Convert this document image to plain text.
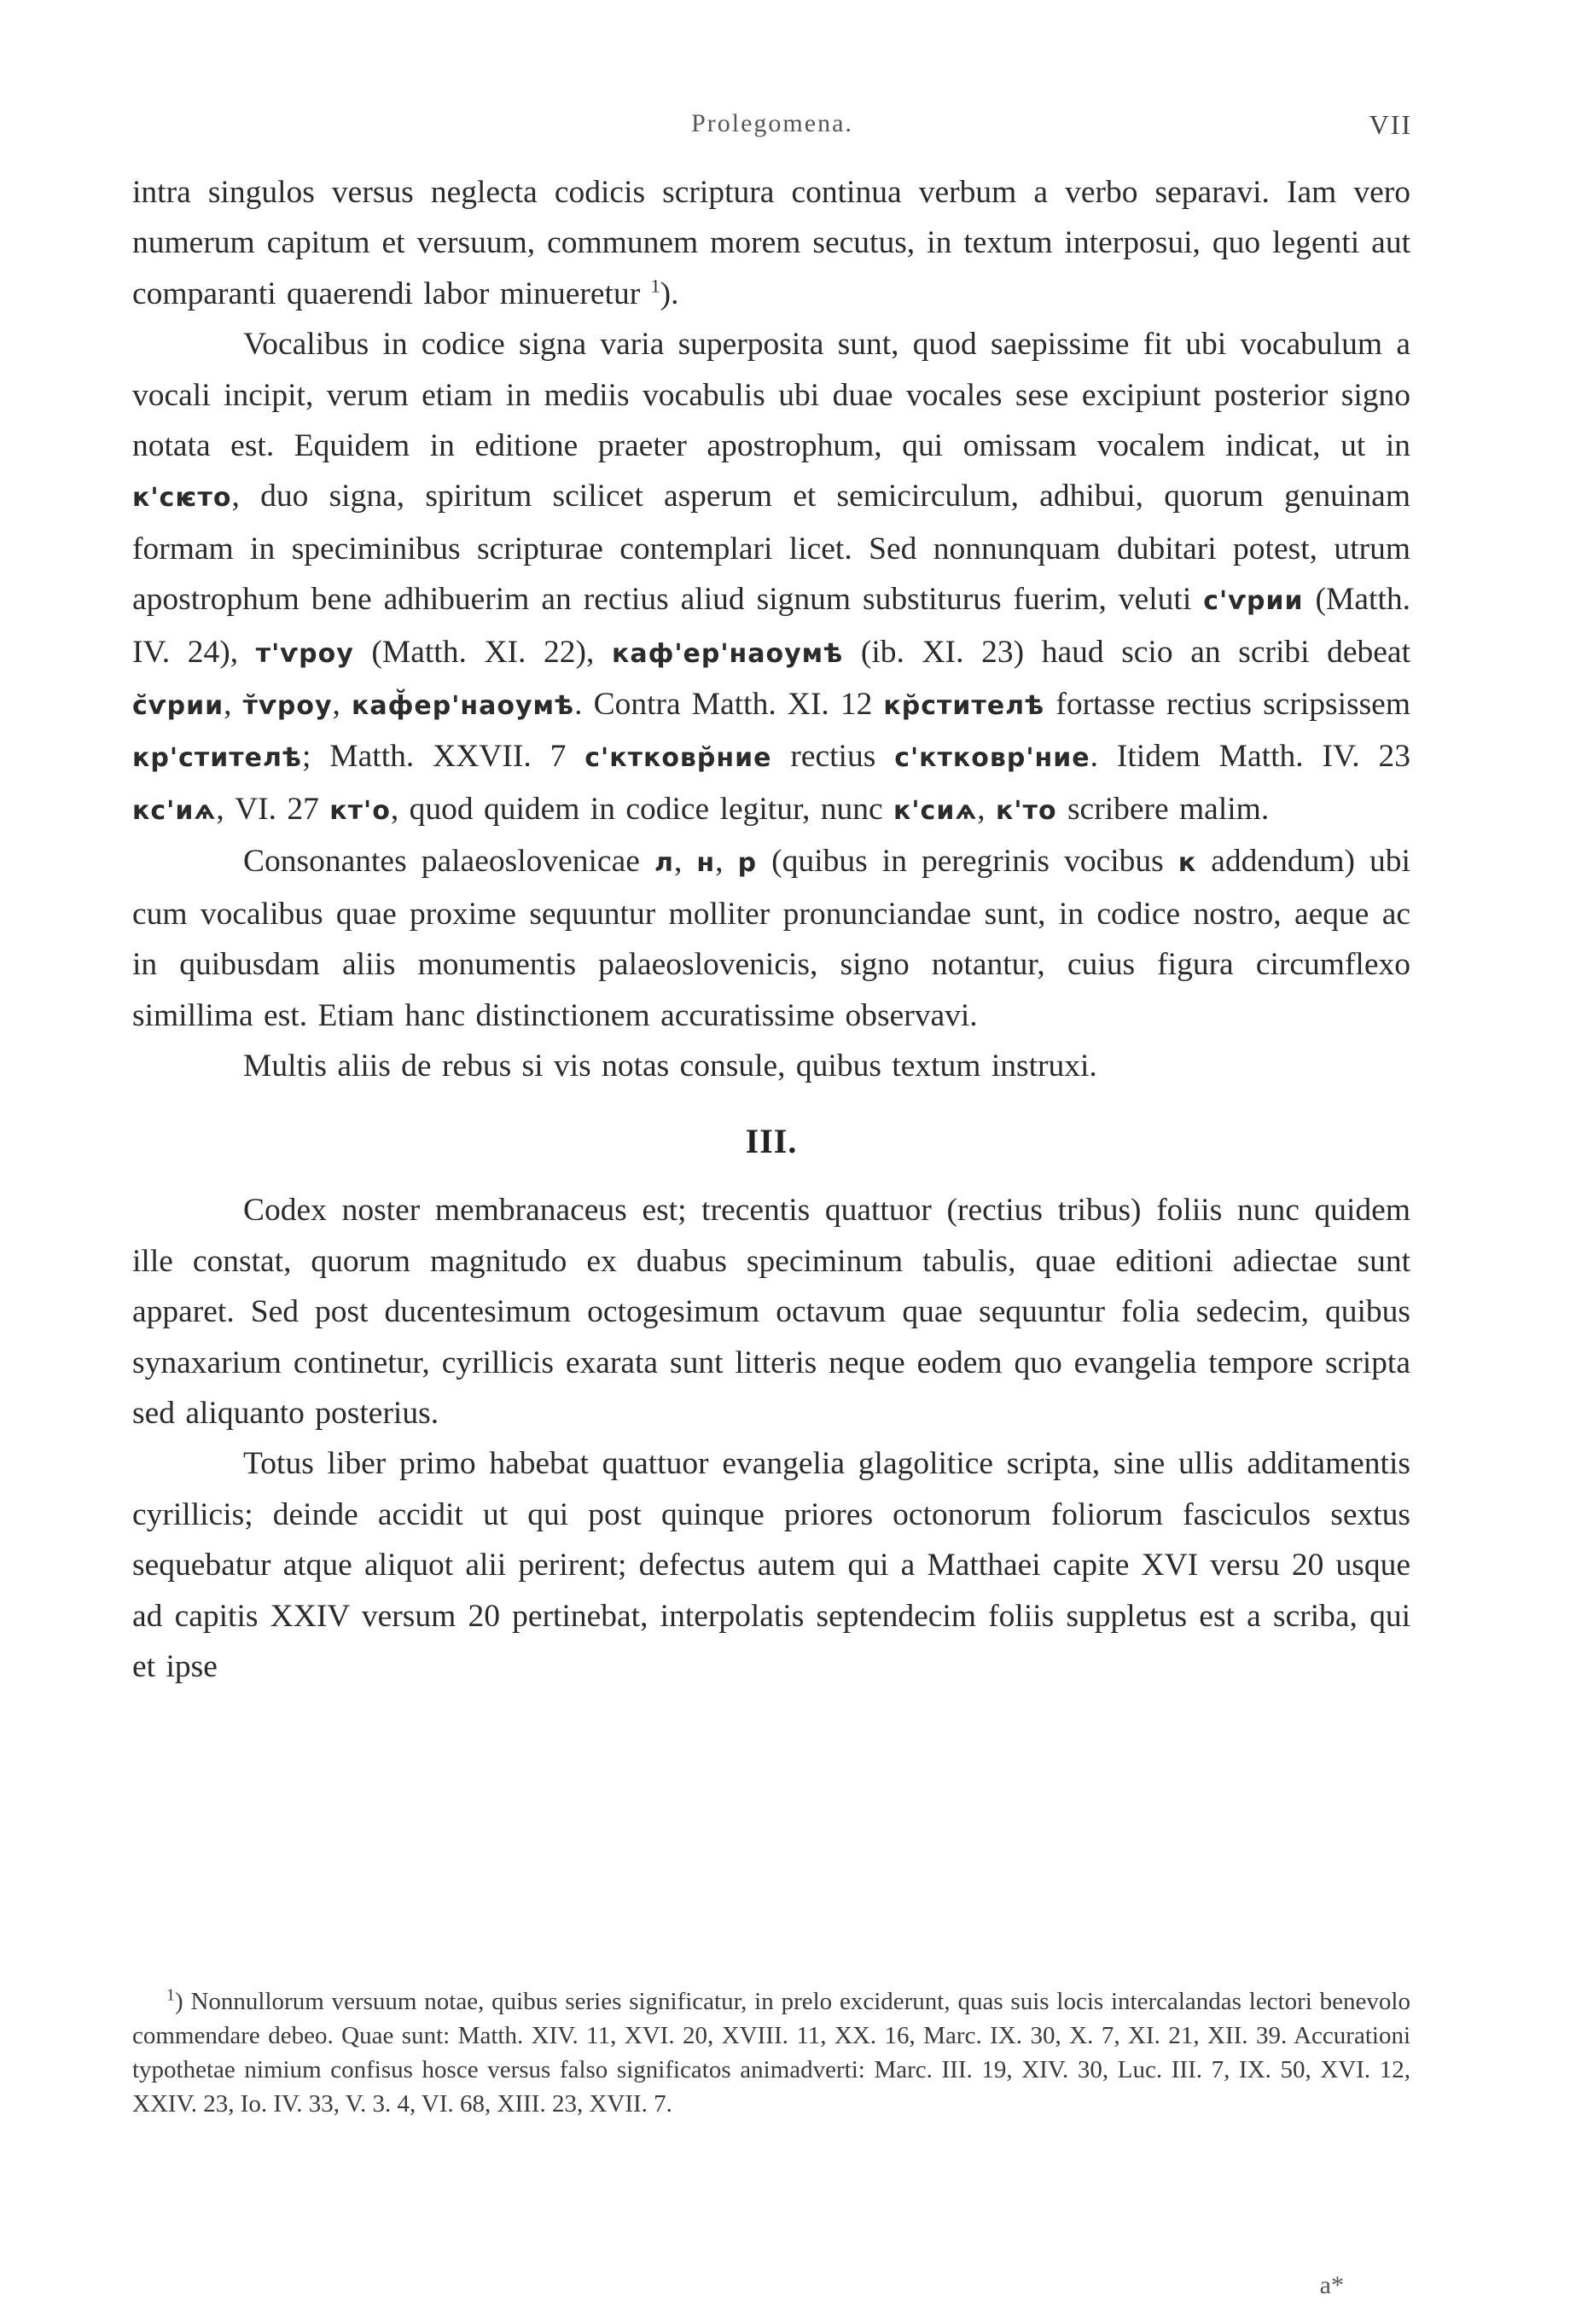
Prolegomena.	VII

intra singulos versus neglecta codicis scriptura continua verbum a verbo separavi. Iam vero numerum capitum et versuum, communem morem secutus, in textum interposui, quo legenti aut comparanti quaerendi labor minueretur $^1$).

Vocalibus in codice signa varia superposita sunt, quod saepissime fit ubi vocabulum a vocali incipit, verum etiam in mediis vocabulis ubi duae vocales sese excipiunt posterior signo notata est. Equidem in editione praeter apostrophum, qui omissam vocalem indicat, ut in к'сѥто, duo signa, spiritum scilicet asperum et semicirculum, adhibui, quorum genuinam formam in speciminibus scripturae contemplari licet. Sed nonnunquam dubitari potest, utrum apostrophum bene adhibuerim an rectius aliud signum substiturus fuerim, veluti с'ѵрии (Matth. IV. 24), т'ѵроу (Matth. XI. 22), каф'ер'наоумѣ (ib. XI. 23) haud scio an scribi debeat с̆ѵрии, т̆ѵроу, каф̆ер'наоумѣ. Contra Matth. XI. 12 кр̆стителѣ fortasse rectius scripsissem кр'стителѣ; Matth. XXVII. 7 с'ктковр̆ние rectius с'ктковр'ние. Itidem Matth. IV. 23 кс'иѧ, VI. 27 кт'о, quod quidem in codice legitur, nunc к'сиѧ, к'то scribere malim.

Consonantes palaeoslovenicae л, н, р (quibus in peregrinis vocibus к addendum) ubi cum vocalibus quae proxime sequuntur molliter pronunciandae sunt, in codice nostro, aeque ac in quibusdam aliis monumentis palaeoslovenicis, signo notantur, cuius figura circumflexo simillima est. Etiam hanc distinctionem accuratissime observavi.

Multis aliis de rebus si vis notas consule, quibus textum instruxi.

III.

Codex noster membranaceus est; trecentis quattuor (rectius tribus) foliis nunc quidem ille constat, quorum magnitudo ex duabus speciminum tabulis, quae editioni adiectae sunt apparet. Sed post ducentesimum octogesimum octavum quae sequuntur folia sedecim, quibus synaxarium continetur, cyrillicis exarata sunt litteris neque eodem quo evangelia tempore scripta sed aliquanto posterius.

Totus liber primo habebat quattuor evangelia glagolitice scripta, sine ullis additamentis cyrillicis; deinde accidit ut qui post quinque priores octonorum foliorum fasciculos sextus sequebatur atque aliquot alii perirent; defectus autem qui a Matthaei capite XVI versu 20 usque ad capitis XXIV versum 20 pertinebat, interpolatis septendecim foliis suppletus est a scriba, qui et ipse

$^1$) Nonnullorum versuum notae, quibus series significatur, in prelo exciderunt, quas suis locis intercalandas lectori benevolo commendare debeo. Quae sunt: Matth. XIV. 11, XVI. 20, XVIII. 11, XX. 16, Marc. IX. 30, X. 7, XI. 21, XII. 39. Accurationi typothetae nimium confisus hosce versus falso significatos animadverti: Marc. III. 19, XIV. 30, Luc. III. 7, IX. 50, XVI. 12, XXIV. 23, Io. IV. 33, V. 3. 4, VI. 68, XIII. 23, XVII. 7.

a*
